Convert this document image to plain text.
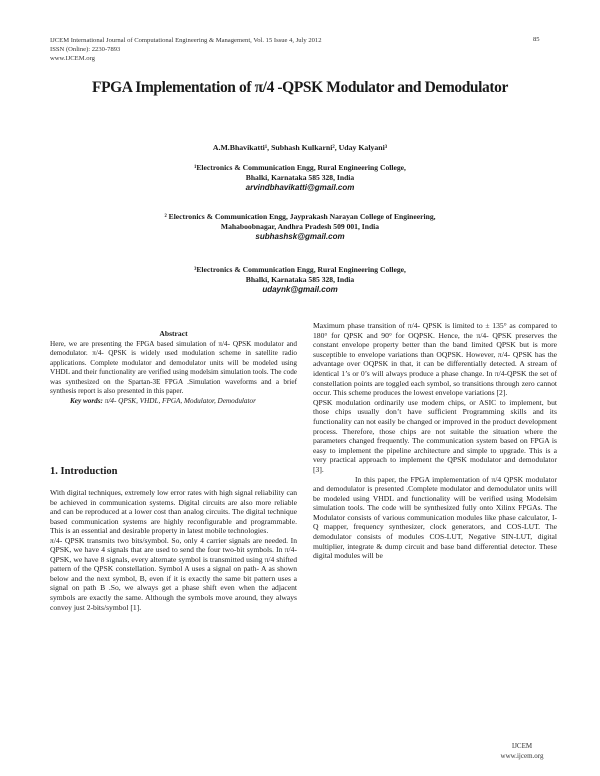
IJCEM International Journal of Computational Engineering & Management, Vol. 15 Issue 4, July 2012
ISSN (Online): 2230-7893
www.IJCEM.org
85
FPGA Implementation of π/4 -QPSK Modulator and Demodulator
A.M.Bhavikatti¹, Subhash Kulkarni², Uday Kalyani³
¹Electronics & Communication Engg, Rural Engineering College,
Bhalki, Karnataka 585 328, India
arvindbhavikatti@gmail.com
² Electronics & Communication Engg, Jayprakash Narayan College of Engineering,
Mahaboobnagar, Andhra Pradesh 509 001, India
subhashsk@gmail.com
³Electronics & Communication Engg, Rural Engineering College,
Bhalki, Karnataka 585 328, India
udaynk@gmail.com
Abstract

Here, we are presenting the FPGA based simulation of π/4- QPSK modulator and demodulator. π/4- QPSK is widely used modulation scheme in satellite radio applications. Complete modulator and demodulator units will be modeled using VHDL and their functionality are verified using modelsim simulation tools. The code was synthesized on the Spartan-3E FPGA .Simulation waveforms and a brief synthesis report is also presented in this paper.

Key words: π/4- QPSK, VHDL, FPGA, Modulator, Demodulator

1. Introduction

With digital techniques, extremely low error rates with high signal reliability can be achieved in communication systems. Digital circuits are also more reliable and can be reproduced at a lower cost than analog circuits. The digital technique based communication systems are highly reconfigurable and programmable. This is an essential and desirable property in latest mobile technologies.

π/4- QPSK transmits two bits/symbol. So, only 4 carrier signals are needed. In QPSK, we have 4 signals that are used to send the four two-bit symbols. In π/4- QPSK, we have 8 signals, every alternate symbol is transmitted using π/4 shifted pattern of the QPSK constellation. Symbol A uses a signal on path- A as shown below and the next symbol, B, even if it is exactly the same bit pattern uses a signal on path B .So, we always get a phase shift even when the adjacent symbols are exactly the same. Although the symbols move around, they always convey just 2-bits/symbol [1].

Maximum phase transition of π/4- QPSK is limited to ± 135° as compared to 180° for QPSK and 90° for OQPSK. Hence, the π/4- QPSK preserves the constant envelope property better than the band limited QPSK but is more susceptible to envelope variations than OQPSK. However, π/4- QPSK has the advantage over OQPSK in that, it can be differentially detected. A stream of identical 1’s or 0’s will always produce a phase change. In π/4-QPSK the set of constellation points are toggled each symbol, so transitions through zero cannot occur. This scheme produces the lowest envelope variations [2].

QPSK modulation ordinarily use modem chips, or ASIC to implement, but those chips usually don’t have sufficient Programming skills and its functionality can not easily be changed or improved in the product development process. Therefore, those chips are not suitable the situation where the parameters changed frequently. The communication system based on FPGA is easy to implement the pipeline architecture and simple to upgrade. This is a very practical approach to implement the QPSK modulator and demodulator [3].

In this paper, the FPGA implementation of π/4 QPSK modulator and demodulator is presented .Complete modulator and demodulator units will be modeled using VHDL and functionality will be verified using Modelsim simulation tools. The code will be synthesized fully onto Xilinx FPGAs. The Modulator consists of various communication modules like phase calculator, I-Q mapper, frequency synthesizer, clock generators, and COS-LUT. The demodulator consists of modules COS-LUT, Negative SIN-LUT, digital multiplier, integrate & dump circuit and base band differential detector. These digital modules will be

IJCEM
www.ijcem.org
